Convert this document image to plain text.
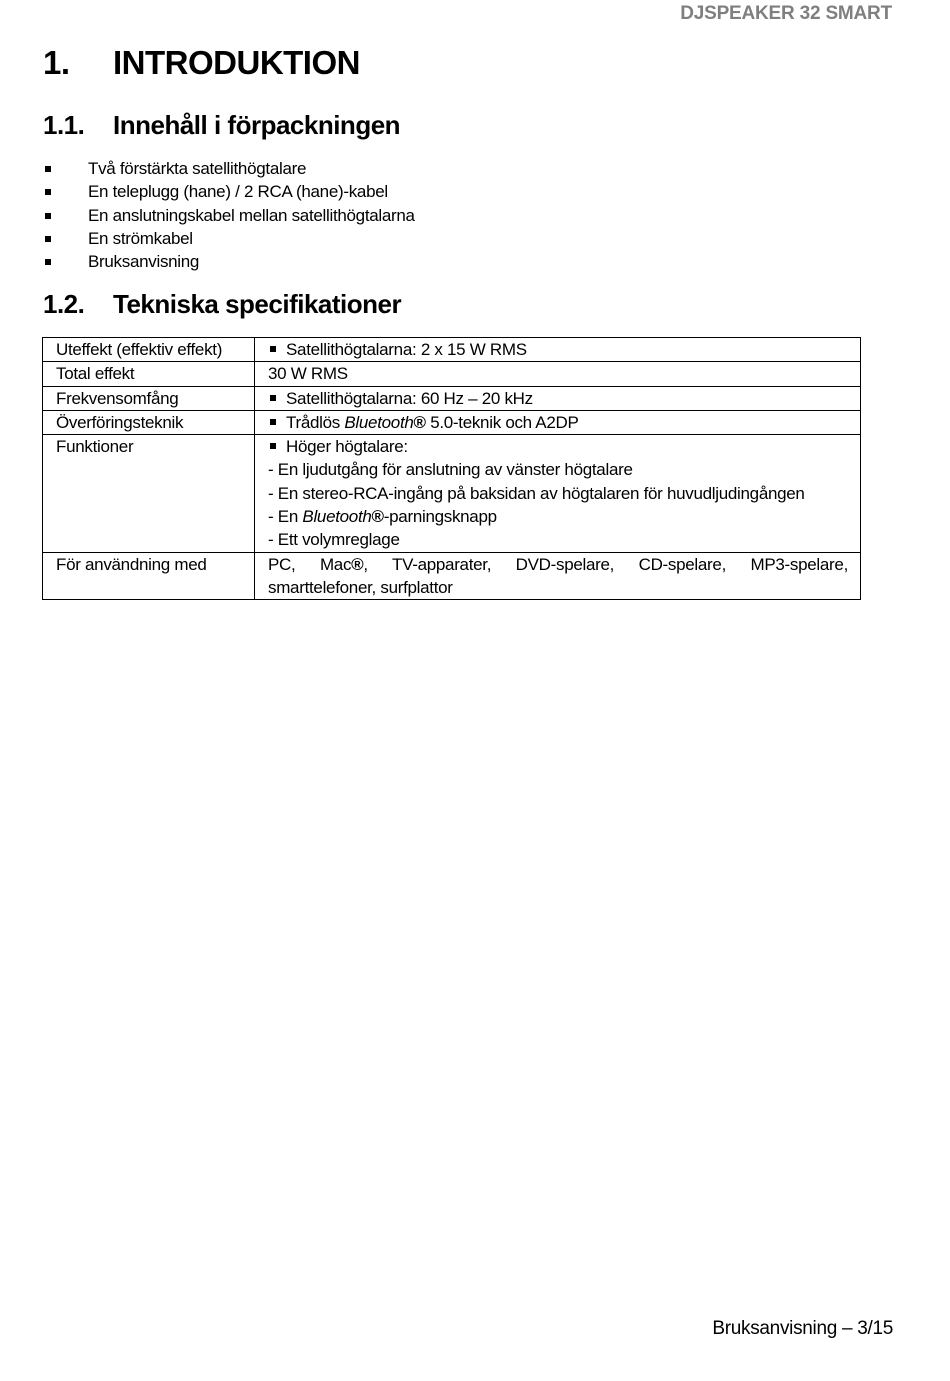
DJSPEAKER 32 SMART
1. INTRODUKTION
1.1. Innehåll i förpackningen
Två förstärkta satellithögtalare
En teleplugg (hane) / 2 RCA (hane)-kabel
En anslutningskabel mellan satellithögtalarna
En strömkabel
Bruksanvisning
1.2. Tekniska specifikationer
Uteffekt (effektiv effekt)	Satellithögtalarna: 2 x 15 W RMS
Total effekt	30 W RMS
Frekvensomfång	Satellithögtalarna: 60 Hz – 20 kHz
Överföringsteknik	Trådlös Bluetooth® 5.0-teknik och A2DP
Funktioner	Höger högtalare:
- En ljudutgång för anslutning av vänster högtalare
- En stereo-RCA-ingång på baksidan av högtalaren för huvudljudingången
- En Bluetooth®-parningsknapp
- Ett volymreglage

För användning med	PC, Mac®, TV-apparater, DVD-spelare, CD-spelare, MP3-spelare, smarttelefoner, surfplattor
Bruksanvisning – 3/15
